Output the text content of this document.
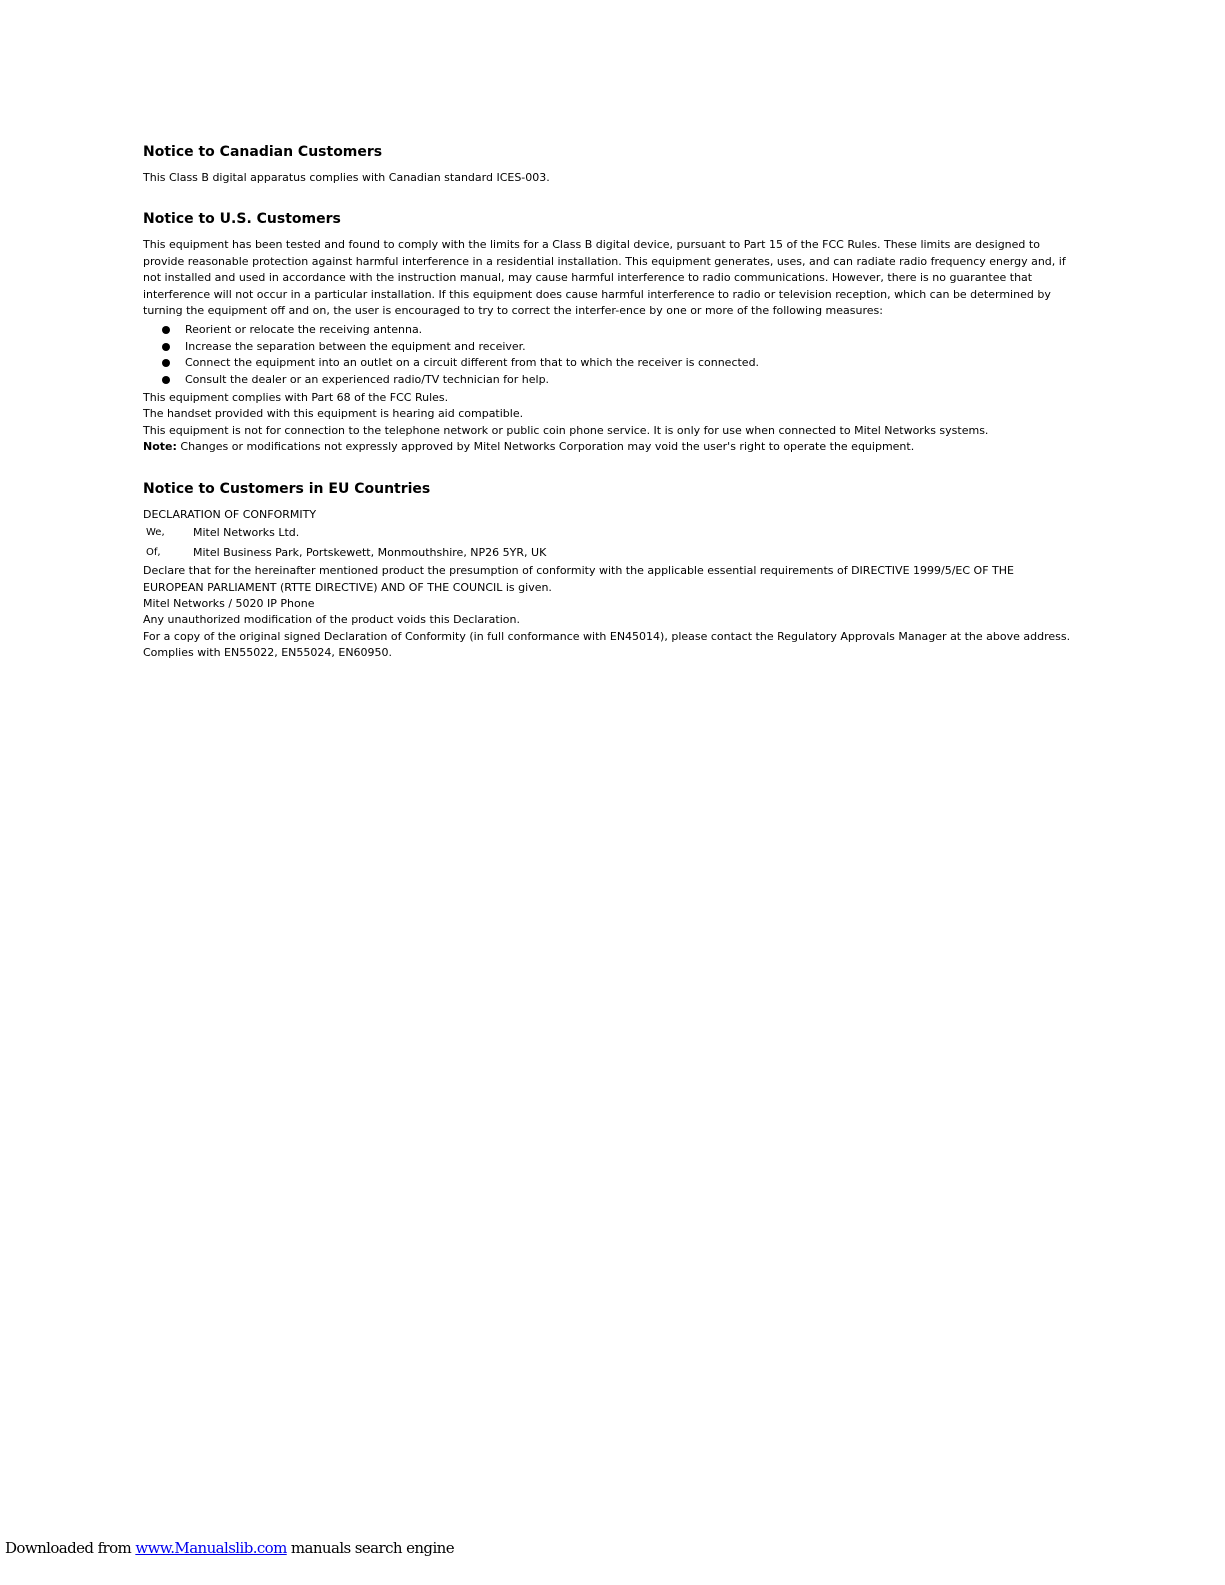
Notice to Canadian Customers

This Class B digital apparatus complies with Canadian standard ICES-003.

Notice to U.S. Customers

This equipment has been tested and found to comply with the limits for a Class B digital device, pursuant to Part 15 of the FCC Rules. These limits are designed to provide reasonable protection against harmful interference in a residential installation. This equipment generates, uses, and can radiate radio frequency energy and, if not installed and used in accordance with the instruction manual, may cause harmful interference to radio communications. However, there is no guarantee that interference will not occur in a particular installation. If this equipment does cause harmful interference to radio or television reception, which can be determined by turning the equipment off and on, the user is encouraged to try to correct the interfer-ence by one or more of the following measures:

Reorient or relocate the receiving antenna.
Increase the separation between the equipment and receiver.
Connect the equipment into an outlet on a circuit different from that to which the receiver is connected.
Consult the dealer or an experienced radio/TV technician for help.

This equipment complies with Part 68 of the FCC Rules.

The handset provided with this equipment is hearing aid compatible.

This equipment is not for connection to the telephone network or public coin phone service. It is only for use when connected to Mitel Networks systems.

Note: Changes or modifications not expressly approved by Mitel Networks Corporation may void the user's right to operate the equipment.

Notice to Customers in EU Countries

DECLARATION OF CONFORMITY

We,	Mitel Networks Ltd.
Of,	Mitel Business Park, Portskewett, Monmouthshire, NP26 5YR, UK

Declare that for the hereinafter mentioned product the presumption of conformity with the applicable essential requirements of DIRECTIVE 1999/5/EC OF THE EUROPEAN PARLIAMENT (RTTE DIRECTIVE) AND OF THE COUNCIL is given.

Mitel Networks / 5020 IP Phone

Any unauthorized modification of the product voids this Declaration.

For a copy of the original signed Declaration of Conformity (in full conformance with EN45014), please contact the Regulatory Approvals Manager at the above address.

Complies with EN55022, EN55024, EN60950.

Downloaded from www.Manualslib.com manuals search engine
